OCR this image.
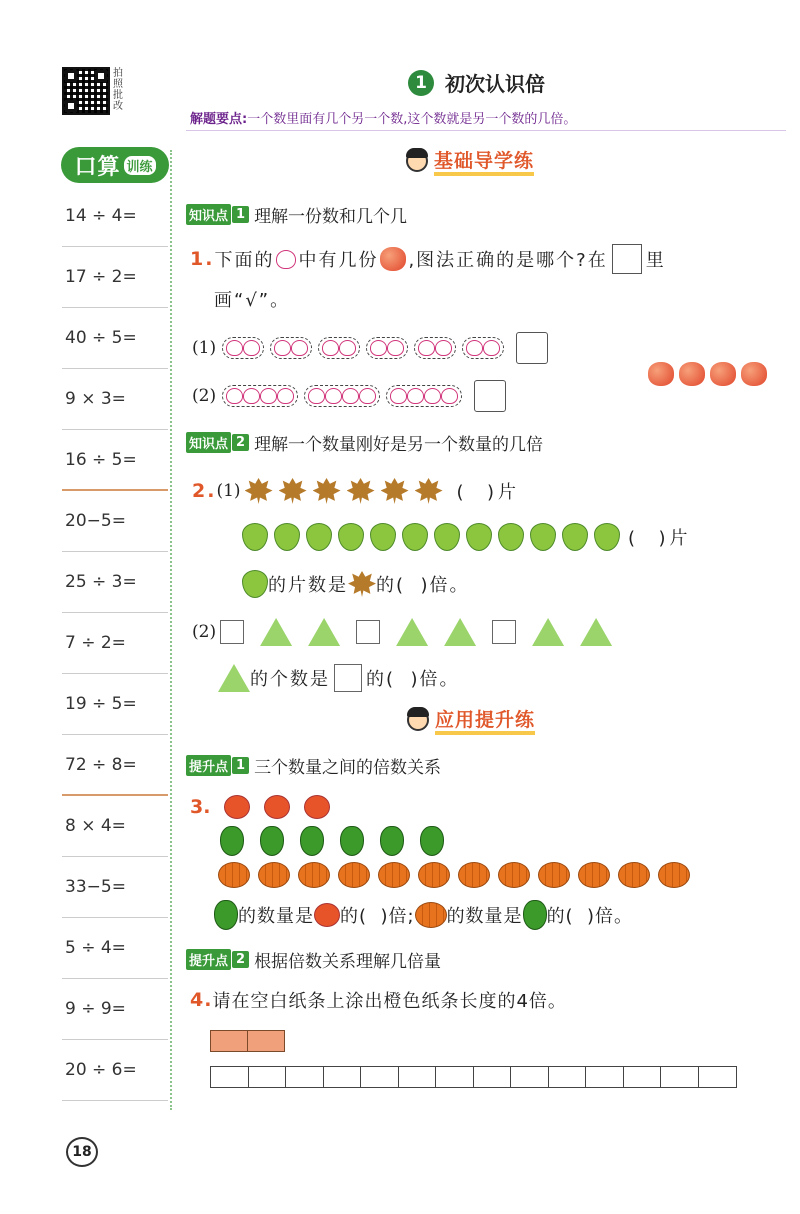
拍照批改
口算 训练
14 ÷ 4=
17 ÷ 2=
40 ÷ 5=
9 × 3=
16 ÷ 5=
20−5=
25 ÷ 3=
7 ÷ 2=
19 ÷ 5=
72 ÷ 8=
8 × 4=
33−5=
5 ÷ 4=
9 ÷ 9=
20 ÷ 6=
1 初次认识倍
解题要点:一个数里面有几个另一个数,这个数就是另一个数的几倍。
基础导学练
知识点 1 理解一份数和几个几
1. 下面的 中有几份 ,图法正确的是哪个?在 里
画“√”。
(1)
(2)
知识点 2 理解一个数量刚好是另一个数量的几倍
2. (1)	(  )片
(  )片
的片数是 的(  )倍。
(2)
的个数是 的(  )倍。
应用提升练
提升点 1 三个数量之间的倍数关系
3.
的数量是 的(  )倍; 的数量是 的(  )倍。
提升点 2 根据倍数关系理解几倍量
4. 请在空白纸条上涂出橙色纸条长度的4倍。
18
